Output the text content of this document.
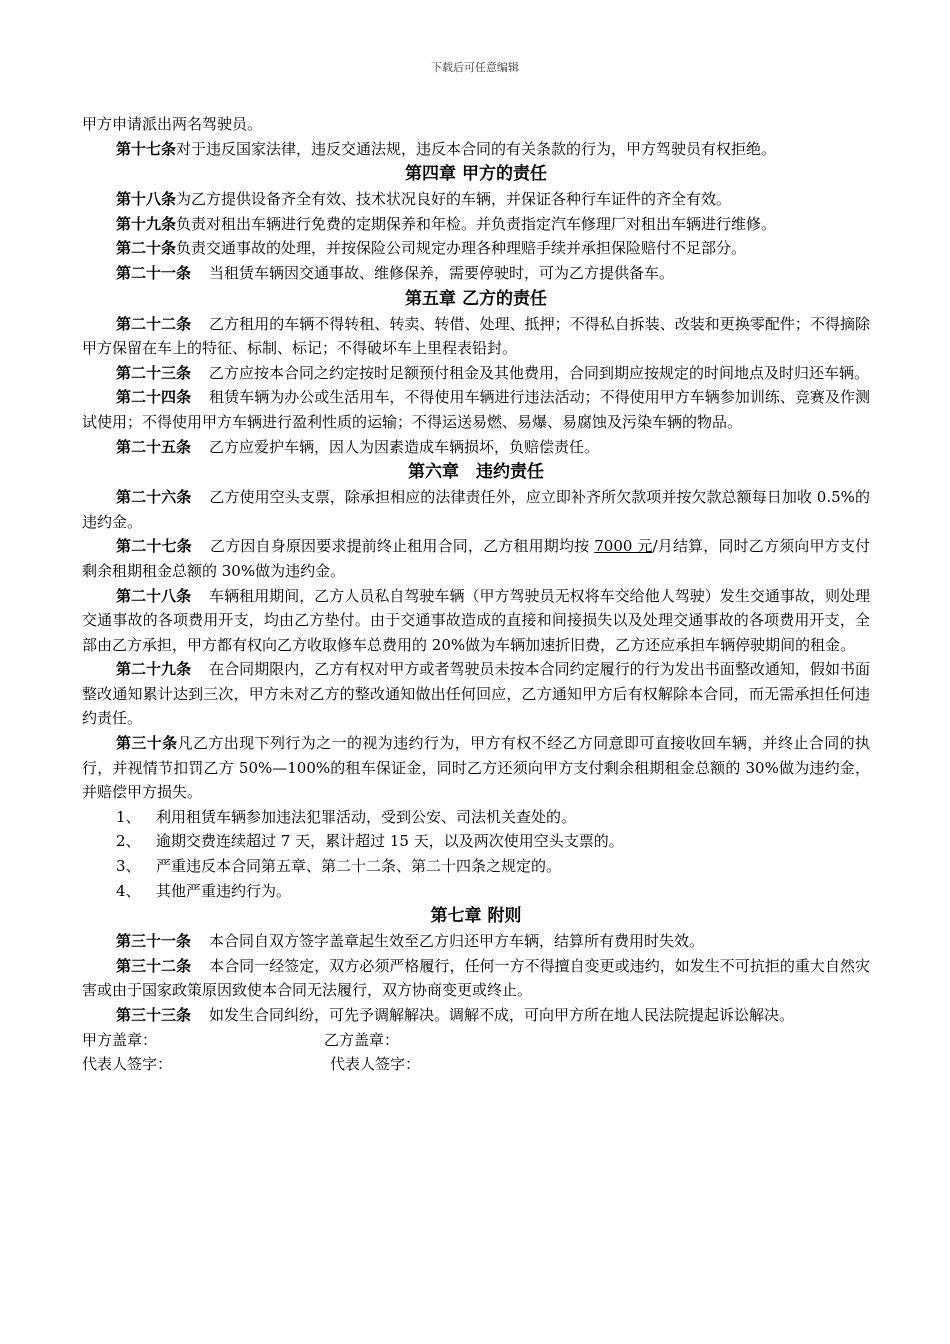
下载后可任意编辑

甲方申请派出两名驾驶员。

第十七条对于违反国家法律，违反交通法规，违反本合同的有关条款的行为，甲方驾驶员有权拒绝。

第四章 甲方的责任

第十八条为乙方提供设备齐全有效、技术状况良好的车辆，并保证各种行车证件的齐全有效。

第十九条负责对租出车辆进行免费的定期保养和年检。并负责指定汽车修理厂对租出车辆进行维修。

第二十条负责交通事故的处理，并按保险公司规定办理各种理赔手续并承担保险赔付不足部分。

第二十一条 当租赁车辆因交通事故、维修保养，需要停驶时，可为乙方提供备车。

第五章 乙方的责任

第二十二条 乙方租用的车辆不得转租、转卖、转借、处理、抵押；不得私自拆装、改装和更换零配件；不得摘除甲方保留在车上的特征、标制、标记；不得破坏车上里程表铅封。

第二十三条 乙方应按本合同之约定按时足额预付租金及其他费用，合同到期应按规定的时间地点及时归还车辆。

第二十四条 租赁车辆为办公或生活用车，不得使用车辆进行违法活动；不得使用甲方车辆参加训练、竞赛及作测试使用；不得使用甲方车辆进行盈利性质的运输；不得运送易燃、易爆、易腐蚀及污染车辆的物品。

第二十五条 乙方应爱护车辆，因人为因素造成车辆损坏，负赔偿责任。

第六章　违约责任

第二十六条 乙方使用空头支票，除承担相应的法律责任外，应立即补齐所欠款项并按欠款总额每日加收 0.5%的违约金。

第二十七条 乙方因自身原因要求提前终止租用合同，乙方租用期均按 7000 元/月结算，同时乙方须向甲方支付剩余租期租金总额的 30%做为违约金。

第二十八条 车辆租用期间，乙方人员私自驾驶车辆（甲方驾驶员无权将车交给他人驾驶）发生交通事故，则处理交通事故的各项费用开支，均由乙方垫付。由于交通事故造成的直接和间接损失以及处理交通事故的各项费用开支，全部由乙方承担，甲方都有权向乙方收取修车总费用的 20%做为车辆加速折旧费，乙方还应承担车辆停驶期间的租金。

第二十九条 在合同期限内，乙方有权对甲方或者驾驶员未按本合同约定履行的行为发出书面整改通知，假如书面整改通知累计达到三次，甲方未对乙方的整改通知做出任何回应，乙方通知甲方后有权解除本合同，而无需承担任何违约责任。

第三十条凡乙方出现下列行为之一的视为违约行为，甲方有权不经乙方同意即可直接收回车辆，并终止合同的执行，并视情节扣罚乙方 50%—100%的租车保证金，同时乙方还须向甲方支付剩余租期租金总额的 30%做为违约金，并赔偿甲方损失。

1、 利用租赁车辆参加违法犯罪活动，受到公安、司法机关查处的。

2、 逾期交费连续超过 7 天，累计超过 15 天，以及两次使用空头支票的。

3、 严重违反本合同第五章、第二十二条、第二十四条之规定的。

4、 其他严重违约行为。

第七章 附则

第三十一条 本合同自双方签字盖章起生效至乙方归还甲方车辆，结算所有费用时失效。

第三十二条 本合同一经签定，双方必须严格履行，任何一方不得擅自变更或违约，如发生不可抗拒的重大自然灾害或由于国家政策原因致使本合同无法履行，双方协商变更或终止。

第三十三条 如发生合同纠纷，可先予调解解决。调解不成，可向甲方所在地人民法院提起诉讼解决。

甲方盖章：	乙方盖章：

代表人签字：	代表人签字：
